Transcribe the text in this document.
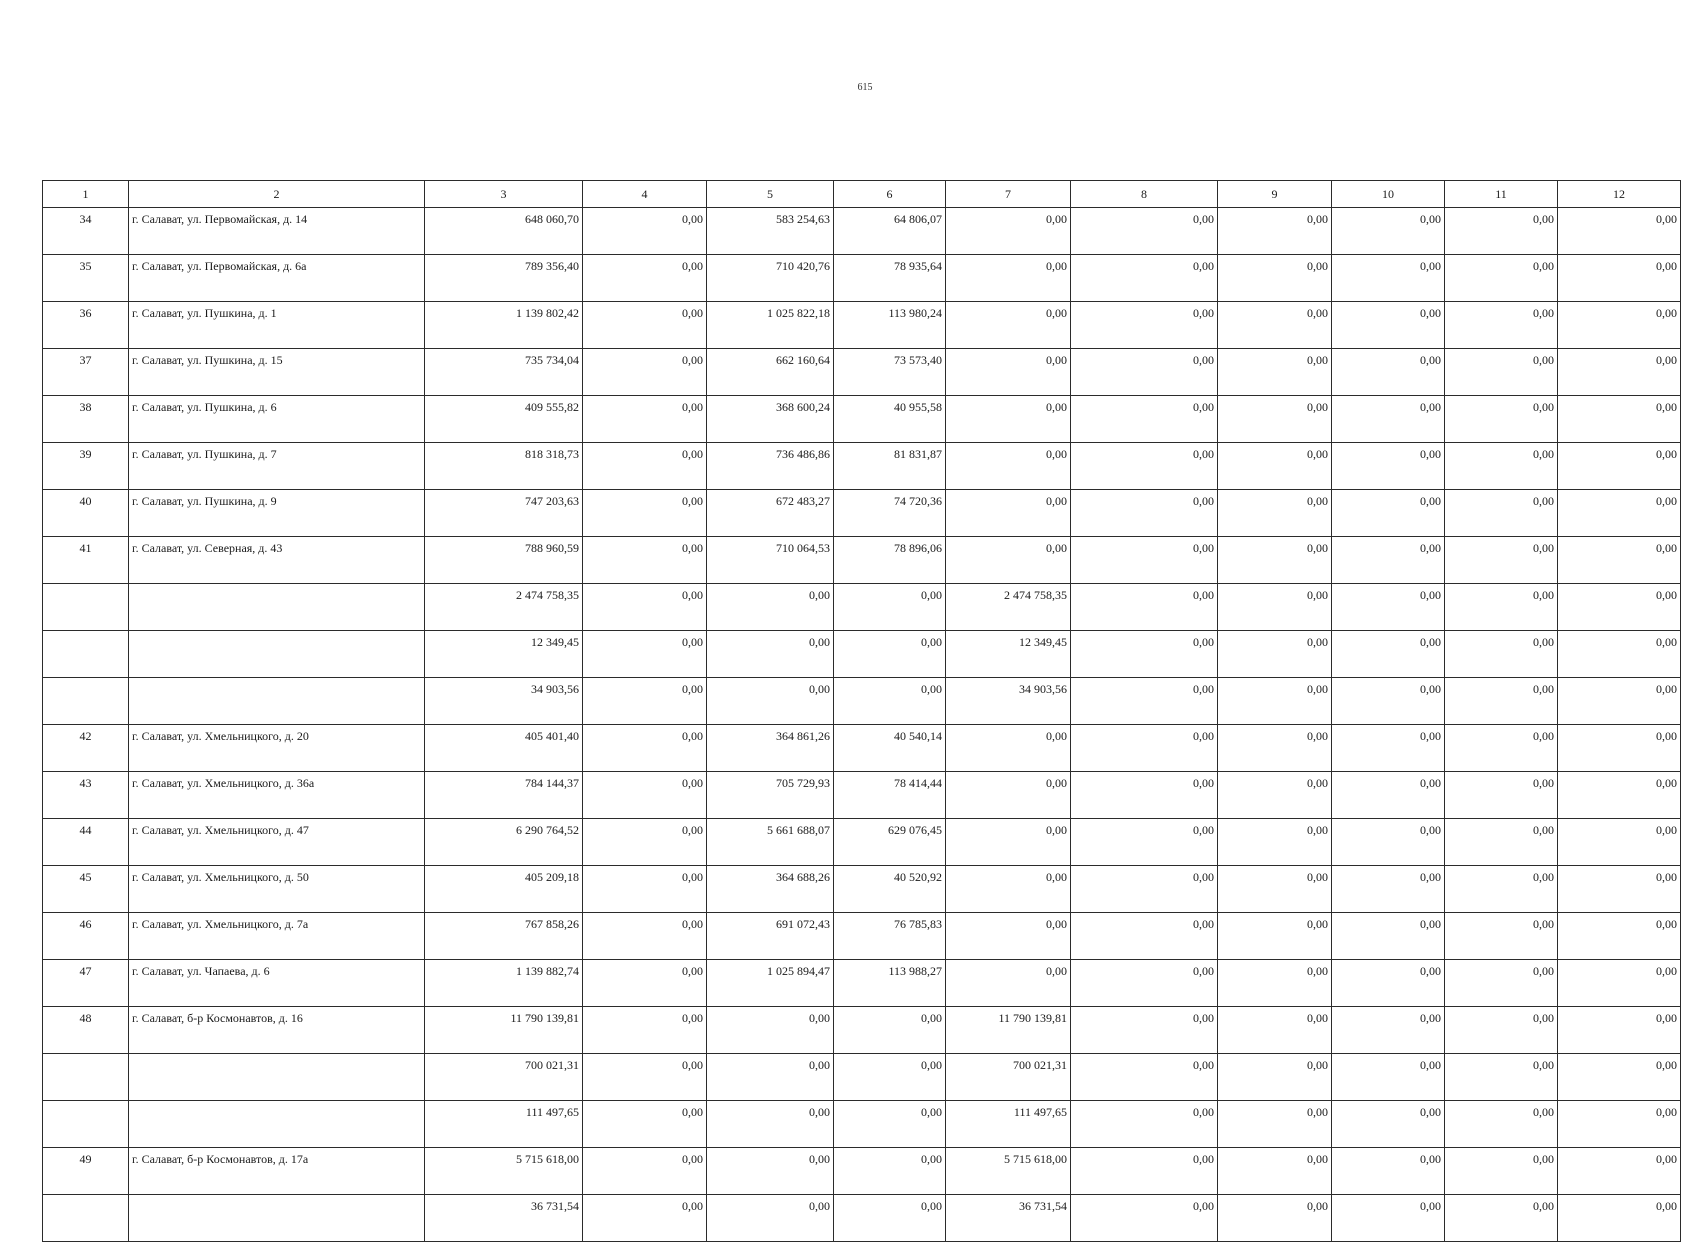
615
1	2	3	4	5	6	7	8	9	10	11	12
34	г. Салават, ул. Первомайская, д. 14	648 060,70	0,00	583 254,63	64 806,07	0,00	0,00	0,00	0,00	0,00	0,00
35	г. Салават, ул. Первомайская, д. 6а	789 356,40	0,00	710 420,76	78 935,64	0,00	0,00	0,00	0,00	0,00	0,00
36	г. Салават, ул. Пушкина, д. 1	1 139 802,42	0,00	1 025 822,18	113 980,24	0,00	0,00	0,00	0,00	0,00	0,00
37	г. Салават, ул. Пушкина, д. 15	735 734,04	0,00	662 160,64	73 573,40	0,00	0,00	0,00	0,00	0,00	0,00
38	г. Салават, ул. Пушкина, д. 6	409 555,82	0,00	368 600,24	40 955,58	0,00	0,00	0,00	0,00	0,00	0,00
39	г. Салават, ул. Пушкина, д. 7	818 318,73	0,00	736 486,86	81 831,87	0,00	0,00	0,00	0,00	0,00	0,00
40	г. Салават, ул. Пушкина, д. 9	747 203,63	0,00	672 483,27	74 720,36	0,00	0,00	0,00	0,00	0,00	0,00
41	г. Салават, ул. Северная, д. 43	788 960,59	0,00	710 064,53	78 896,06	0,00	0,00	0,00	0,00	0,00	0,00
		2 474 758,35	0,00	0,00	0,00	2 474 758,35	0,00	0,00	0,00	0,00	0,00
		12 349,45	0,00	0,00	0,00	12 349,45	0,00	0,00	0,00	0,00	0,00
		34 903,56	0,00	0,00	0,00	34 903,56	0,00	0,00	0,00	0,00	0,00
42	г. Салават, ул. Хмельницкого, д. 20	405 401,40	0,00	364 861,26	40 540,14	0,00	0,00	0,00	0,00	0,00	0,00
43	г. Салават, ул. Хмельницкого, д. 36а	784 144,37	0,00	705 729,93	78 414,44	0,00	0,00	0,00	0,00	0,00	0,00
44	г. Салават, ул. Хмельницкого, д. 47	6 290 764,52	0,00	5 661 688,07	629 076,45	0,00	0,00	0,00	0,00	0,00	0,00
45	г. Салават, ул. Хмельницкого, д. 50	405 209,18	0,00	364 688,26	40 520,92	0,00	0,00	0,00	0,00	0,00	0,00
46	г. Салават, ул. Хмельницкого, д. 7а	767 858,26	0,00	691 072,43	76 785,83	0,00	0,00	0,00	0,00	0,00	0,00
47	г. Салават, ул. Чапаева, д. 6	1 139 882,74	0,00	1 025 894,47	113 988,27	0,00	0,00	0,00	0,00	0,00	0,00
48	г. Салават, б-р Космонавтов, д. 16	11 790 139,81	0,00	0,00	0,00	11 790 139,81	0,00	0,00	0,00	0,00	0,00
		700 021,31	0,00	0,00	0,00	700 021,31	0,00	0,00	0,00	0,00	0,00
		111 497,65	0,00	0,00	0,00	111 497,65	0,00	0,00	0,00	0,00	0,00
49	г. Салават, б-р Космонавтов, д. 17а	5 715 618,00	0,00	0,00	0,00	5 715 618,00	0,00	0,00	0,00	0,00	0,00
		36 731,54	0,00	0,00	0,00	36 731,54	0,00	0,00	0,00	0,00	0,00
